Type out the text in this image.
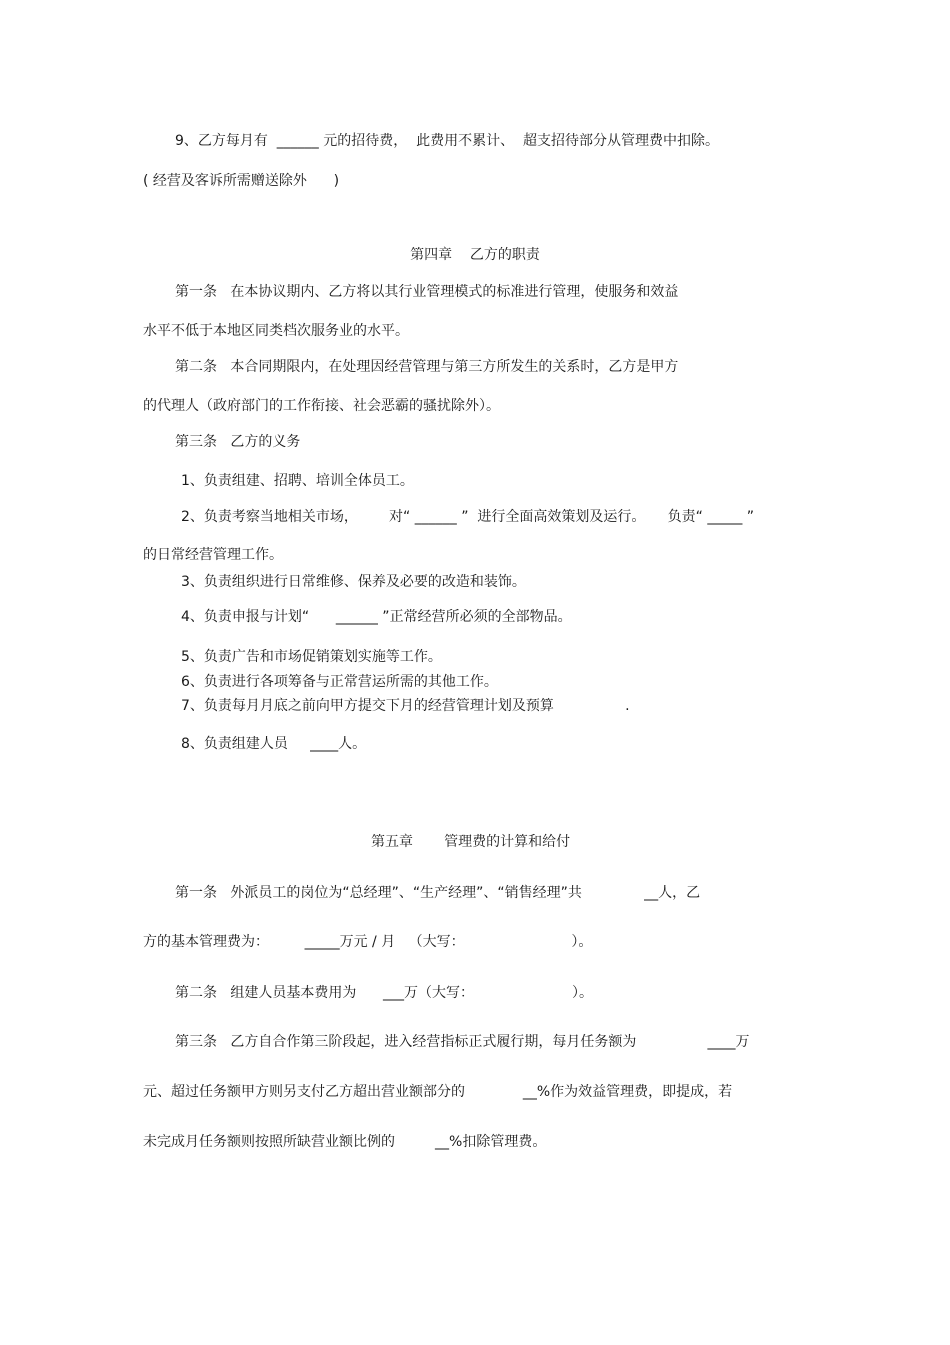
9、乙方每月有  ______ 元的招待费，  此费用不累计、  超支招待部分从管理费中扣除。
( 经营及客诉所需赠送除外      )
第四章    乙方的职责
第一条   在本协议期内、乙方将以其行业管理模式的标准进行管理，使服务和效益
水平不低于本地区同类档次服务业的水平。
第二条   本合同期限内，在处理因经营管理与第三方所发生的关系时，乙方是甲方
的代理人（政府部门的工作衔接、社会恶霸的骚扰除外）。
第三条   乙方的义务
1、负责组建、招聘、培训全体员工。
2、负责考察当地相关市场，       对“ ______ ”  进行全面高效策划及运行。     负责“ _____ ”
的日常经营管理工作。
3、负责组织进行日常维修、保养及必要的改造和装饰。
4、负责申报与计划“      ______ ”正常经营所必须的全部物品。
5、负责广告和市场促销策划实施等工作。
6、负责进行各项筹备与正常营运所需的其他工作。
7、负责每月月底之前向甲方提交下月的经营管理计划及预算                .
8、负责组建人员     ____人。
第五章       管理费的计算和给付
第一条   外派员工的岗位为“总经理”、“生产经理”、“销售经理”共              __人，乙
方的基本管理费为：        _____万元 / 月   （大写：                        ）。
第二条   组建人员基本费用为      ___万（大写：                      ）。
第三条   乙方自合作第三阶段起，进入经营指标正式履行期，每月任务额为                ____万
元、超过任务额甲方则另支付乙方超出营业额部分的             __%作为效益管理费，即提成，若
未完成月任务额则按照所缺营业额比例的         __%扣除管理费。
